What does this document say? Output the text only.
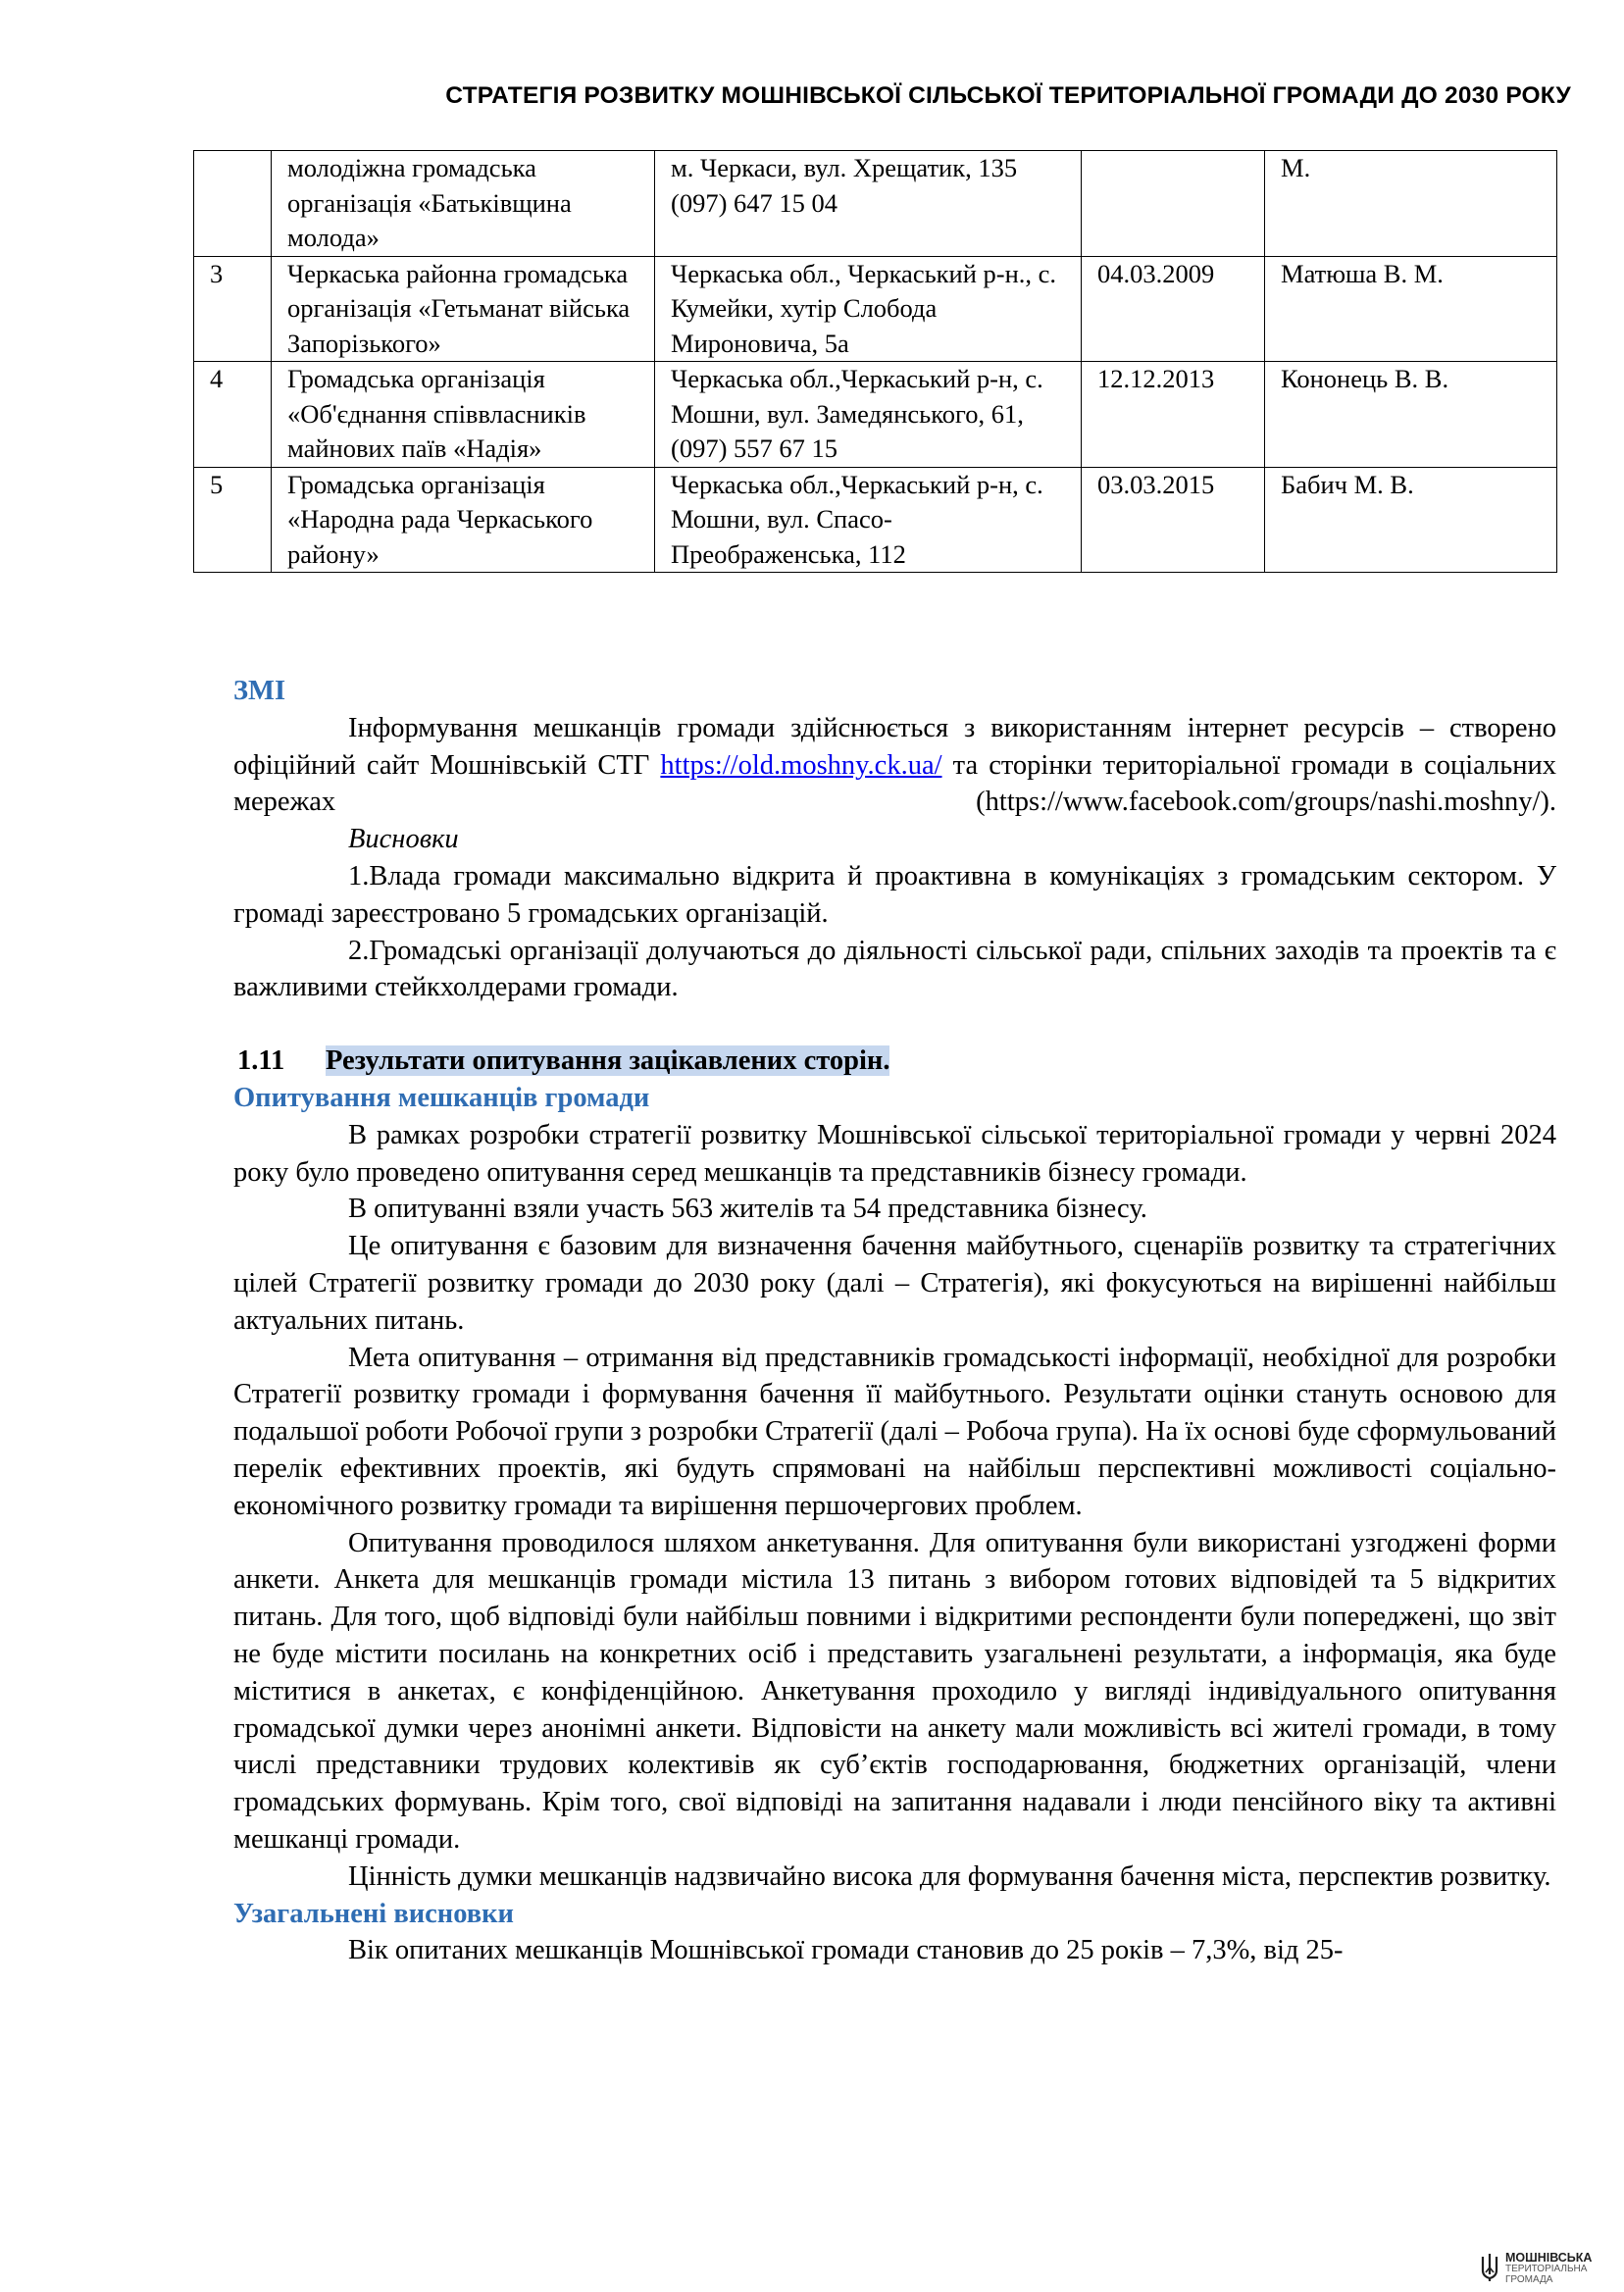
СТРАТЕГІЯ РОЗВИТКУ МОШНІВСЬКОЇ СІЛЬСЬКОЇ ТЕРИТОРІАЛЬНОЇ ГРОМАДИ ДО 2030 РОКУ
	молодіжна громадська організація «Батьківщина молода»	м. Черкаси, вул. Хрещатик, 135 (097) 647 15 04		М.
3	Черкаська районна громадська організація «Гетьманат війська Запорізького»	Черкаська обл., Черкаський р-н., с. Кумейки, хутір Слобода Мироновича, 5а	04.03.2009	Матюша В. М.
4	Громадська організація «Об'єднання співвласників майнових паїв «Надія»	Черкаська обл.,Черкаський р-н, с. Мошни, вул. Замедянського, 61, (097) 557 67 15	12.12.2013	Кононець В. В.
5	Громадська організація «Народна рада Черкаського району»	Черкаська обл.,Черкаський р-н, с. Мошни, вул. Спасо-Преображенська, 112	03.03.2015	Бабич М. В.

ЗМІ

Інформування мешканців громади здійснюється з використанням інтернет ресурсів – створено офіційний сайт Мошнівській СТГ https://old.moshny.ck.ua/ та сторінки територіальної громади в соціальних мережах (https://www.facebook.com/groups/nashi.moshny/).

Висновки

1.Влада громади максимально відкрита й проактивна в комунікаціях з громадським сектором. У громаді зареєстровано 5 громадських організацій.

2.Громадські організації долучаються до діяльності сільської ради, спільних заходів та проектів та є важливими стейкхолдерами громади.

1.11 Результати опитування зацікавлених сторін.

Опитування мешканців громади

В рамках розробки стратегії розвитку Мошнівської сільської територіальної громади у червні 2024 року було проведено опитування серед мешканців та представників бізнесу громади.

В опитуванні взяли участь 563 жителів та 54 представника бізнесу.

Це опитування є базовим для визначення бачення майбутнього, сценаріїв розвитку та стратегічних цілей Стратегії розвитку громади до 2030 року (далі – Стратегія), які фокусуються на вирішенні найбільш актуальних питань.

Мета опитування – отримання від представників громадськості інформації, необхідної для розробки Стратегії розвитку громади і формування бачення її майбутнього. Результати оцінки стануть основою для подальшої роботи Робочої групи з розробки Стратегії (далі – Робоча група). На їх основі буде сформульований перелік ефективних проектів, які будуть спрямовані на найбільш перспективні можливості соціально-економічного розвитку громади та вирішення першочергових проблем.

Опитування проводилося шляхом анкетування. Для опитування були використані узгоджені форми анкети. Анкета для мешканців громади містила 13 питань з вибором готових відповідей та 5 відкритих питань. Для того, щоб відповіді були найбільш повними і відкритими респонденти були попереджені, що звіт не буде містити посилань на конкретних осіб і представить узагальнені результати, а інформація, яка буде міститися в анкетах, є конфіденційною. Анкетування проходило у вигляді індивідуального опитування громадської думки через анонімні анкети. Відповісти на анкету мали можливість всі жителі громади, в тому числі представники трудових колективів як суб’єктів господарювання, бюджетних організацій, члени громадських формувань. Крім того, свої відповіді на запитання надавали і люди пенсійного віку та активні мешканці громади.

Цінність думки мешканців надзвичайно висока для формування бачення міста, перспектив розвитку.

Узагальнені висновки

Вік опитаних мешканців Мошнівської громади становив до 25 років – 7,3%, від 25-

МОШНІВСЬКА
ТЕРИТОРІАЛЬНА
ГРОМАДА
